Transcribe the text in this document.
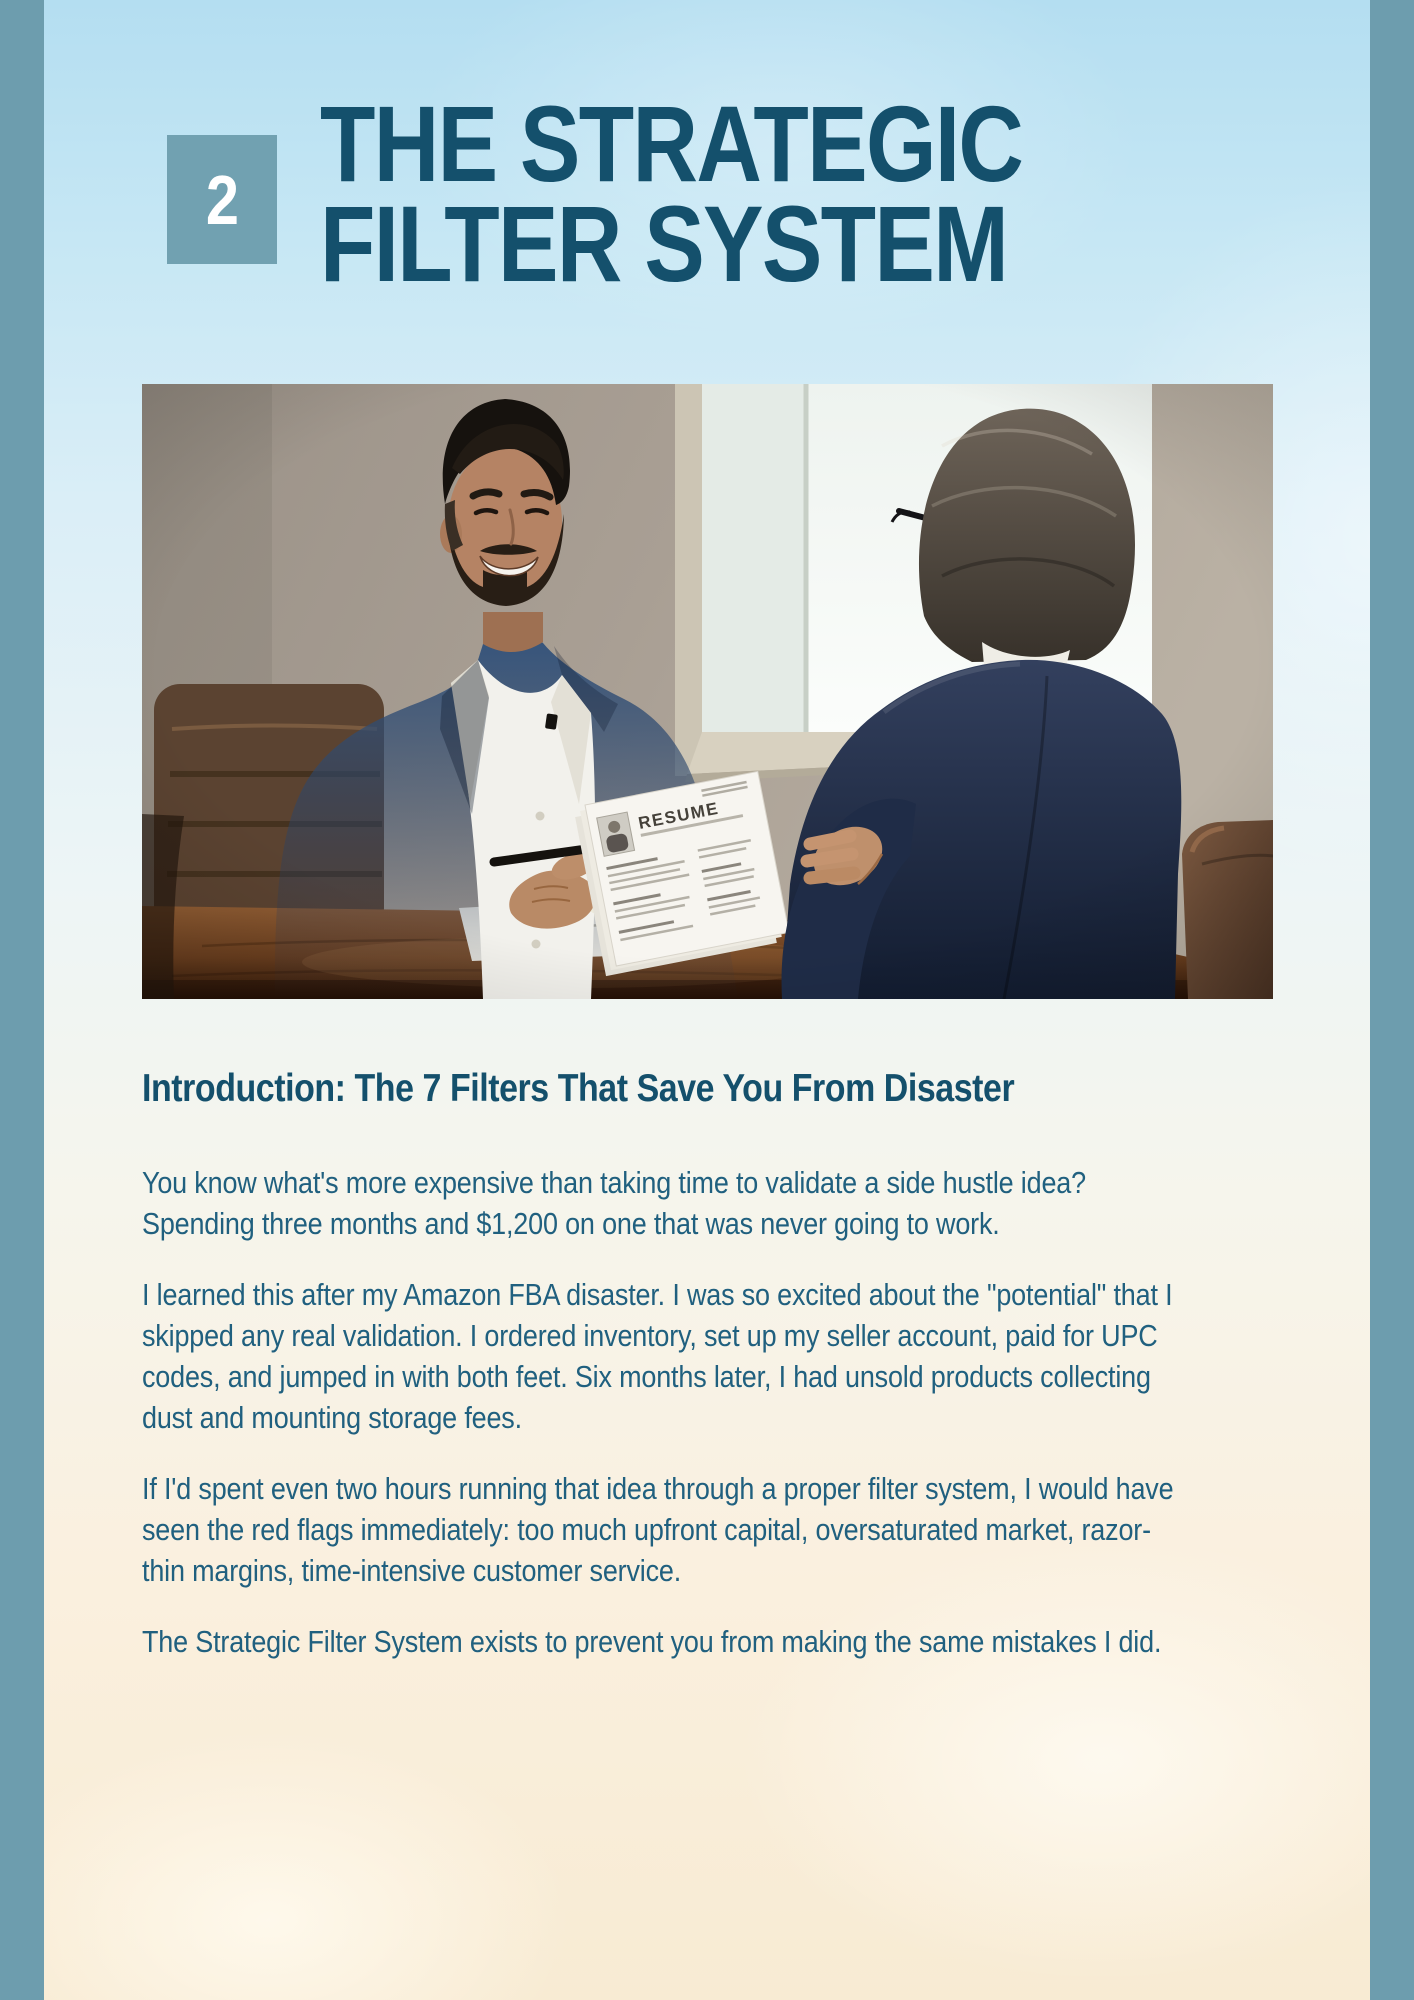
2 THE STRATEGIC
FILTER SYSTEM
Introduction: The 7 Filters That Save You From Disaster

You know what's more expensive than taking time to validate a side hustle idea? Spending three months and $1,200 on one that was never going to work.

I learned this after my Amazon FBA disaster. I was so excited about the "potential" that I skipped any real validation. I ordered inventory, set up my seller account, paid for UPC codes, and jumped in with both feet. Six months later, I had unsold products collecting dust and mounting storage fees.

If I'd spent even two hours running that idea through a proper filter system, I would have seen the red flags immediately: too much upfront capital, oversaturated market, razor-thin margins, time-intensive customer service.

The Strategic Filter System exists to prevent you from making the same mistakes I did.
